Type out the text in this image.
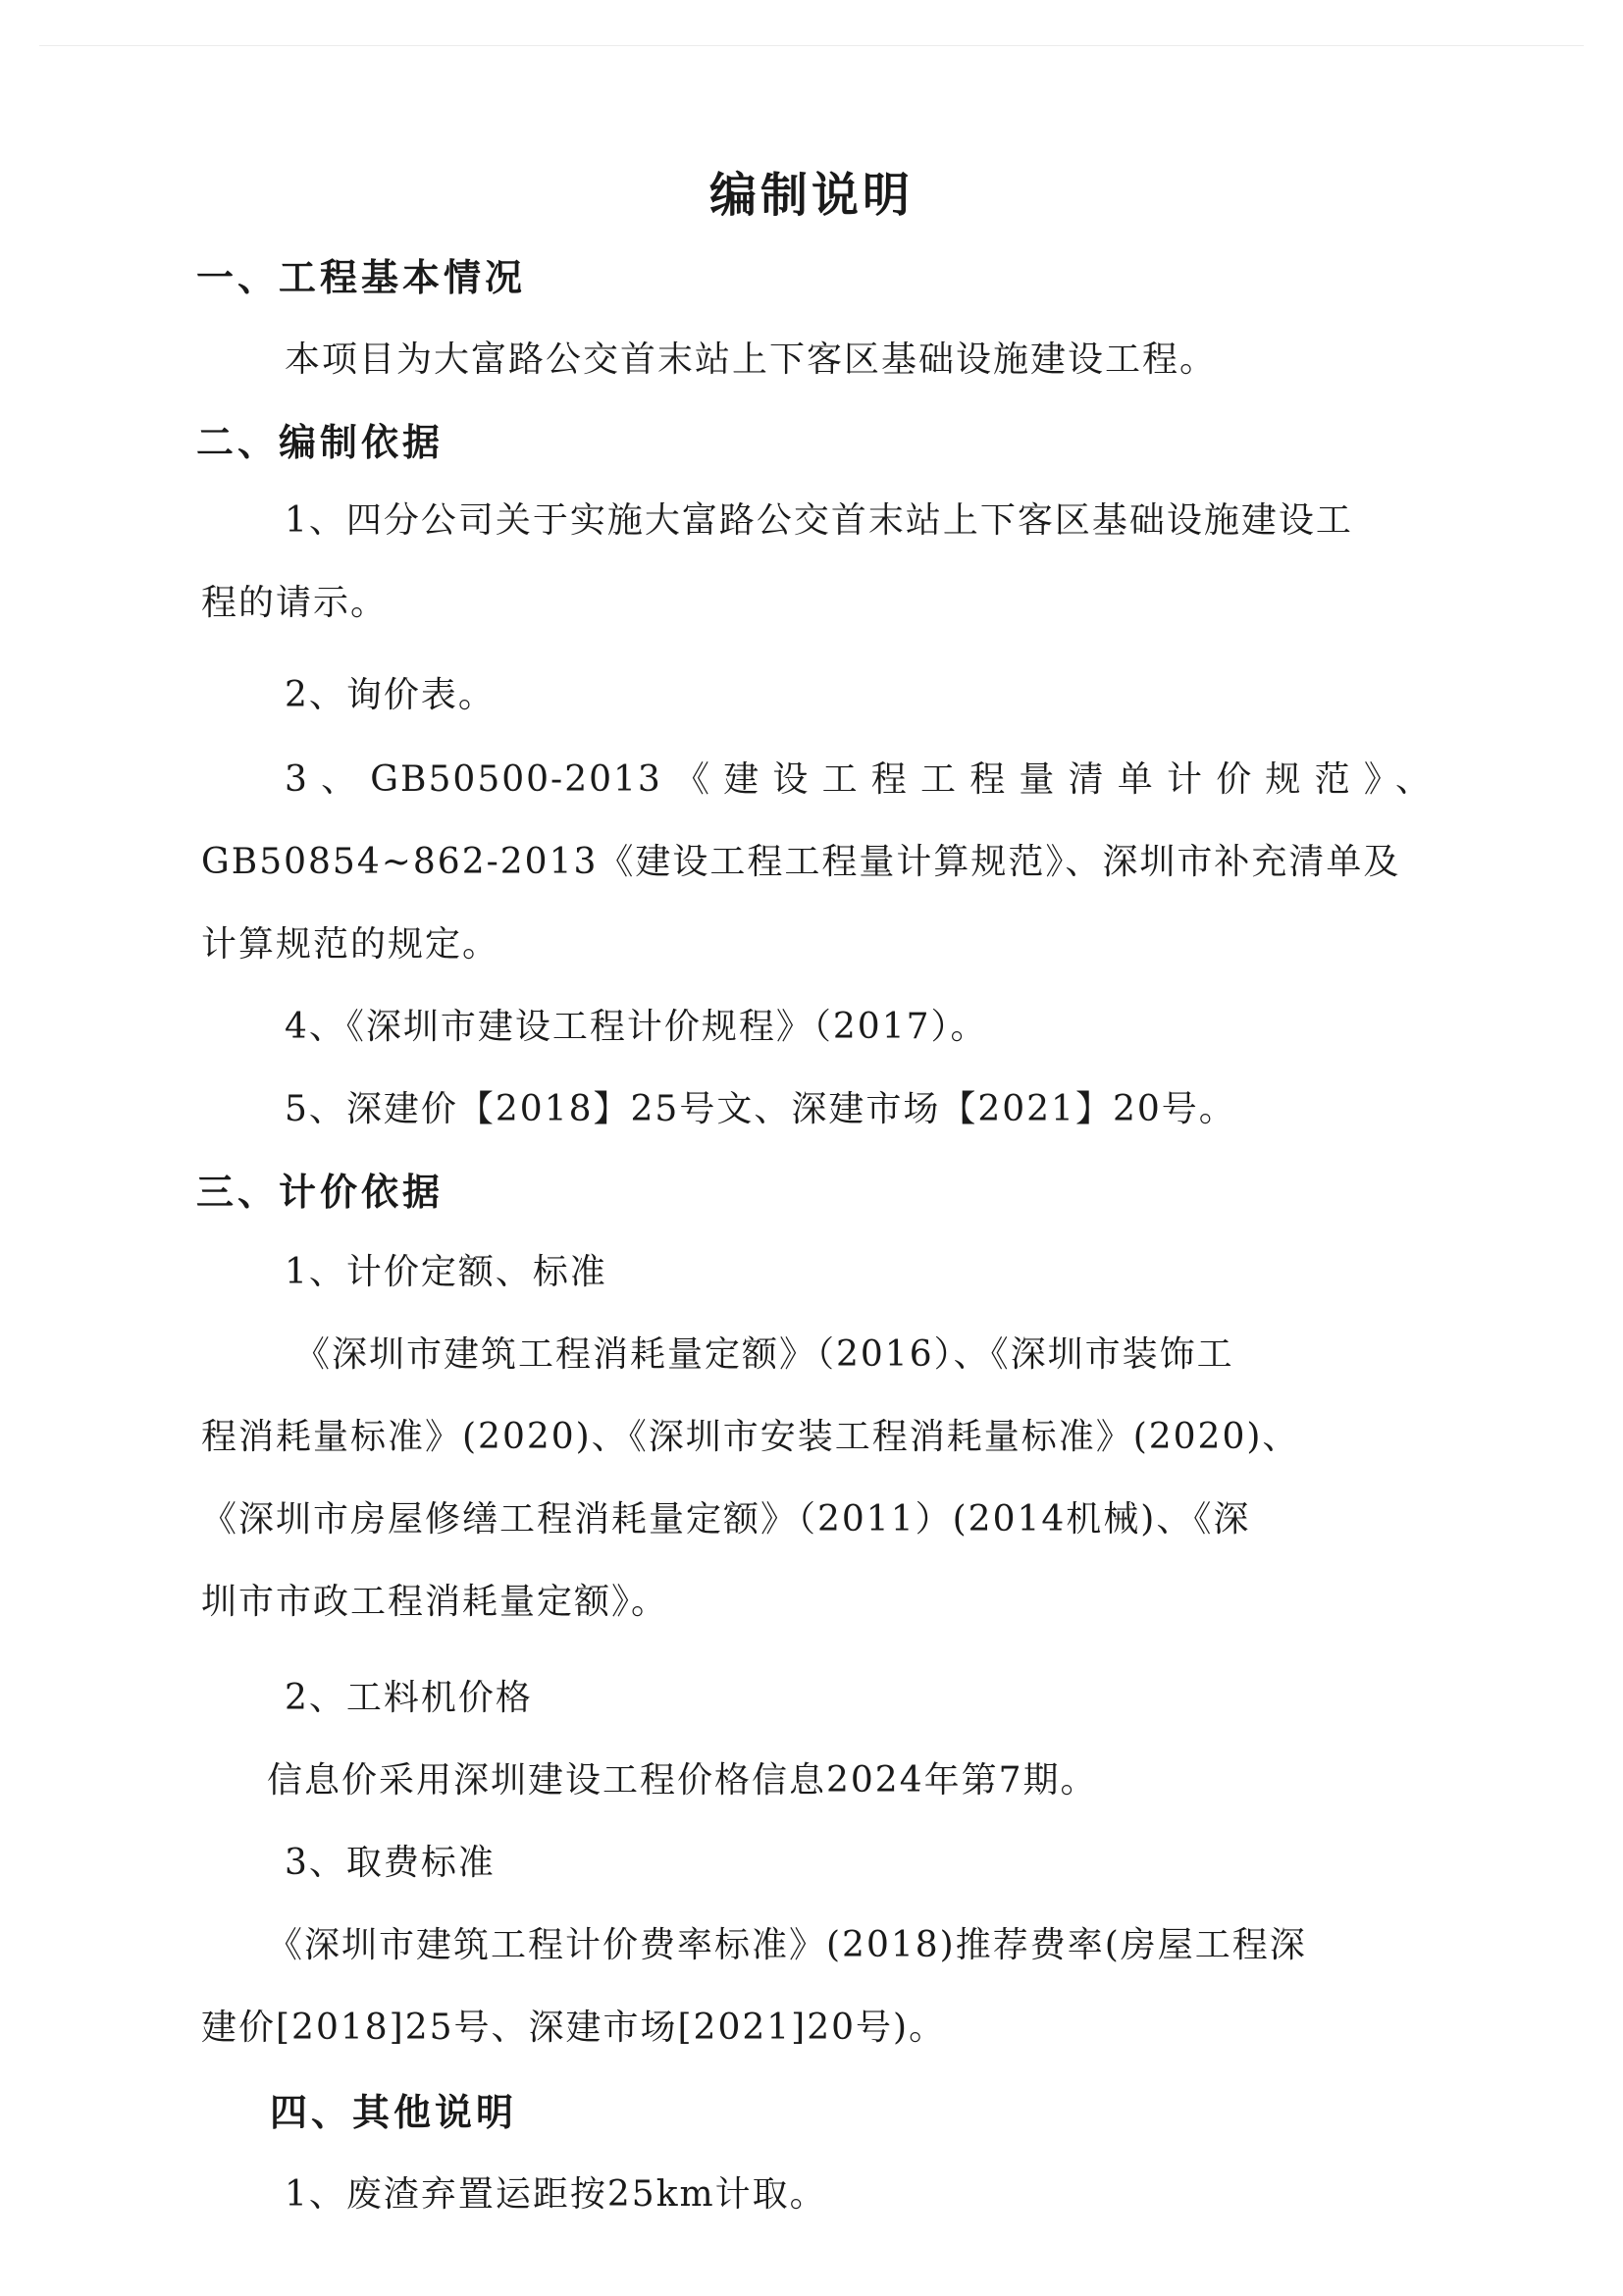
编制说明
一、工程基本情况
本项目为大富路公交首末站上下客区基础设施建设工程。
二、编制依据
1、四分公司关于实施大富路公交首末站上下客区基础设施建设工
程的请示。
2、询价表。
3、GB50500-2013《建设工程工程量清单计价规范》、
GB50854~862-2013《建设工程工程量计算规范》、深圳市补充清单及
计算规范的规定。
4、《深圳市建设工程计价规程》（2017）。
5、深建价【2018】25号文、深建市场【2021】20号。
三、计价依据
1、计价定额、标准
《深圳市建筑工程消耗量定额》（2016）、《深圳市装饰工
程消耗量标准》(2020)、《深圳市安装工程消耗量标准》(2020)、
《深圳市房屋修缮工程消耗量定额》（2011）(2014机械)、《深
圳市市政工程消耗量定额》。
2、工料机价格
信息价采用深圳建设工程价格信息2024年第7期。
3、取费标准
《深圳市建筑工程计价费率标准》(2018)推荐费率(房屋工程深
建价[2018]25号、深建市场[2021]20号)。
四、其他说明
1、废渣弃置运距按25km计取。
